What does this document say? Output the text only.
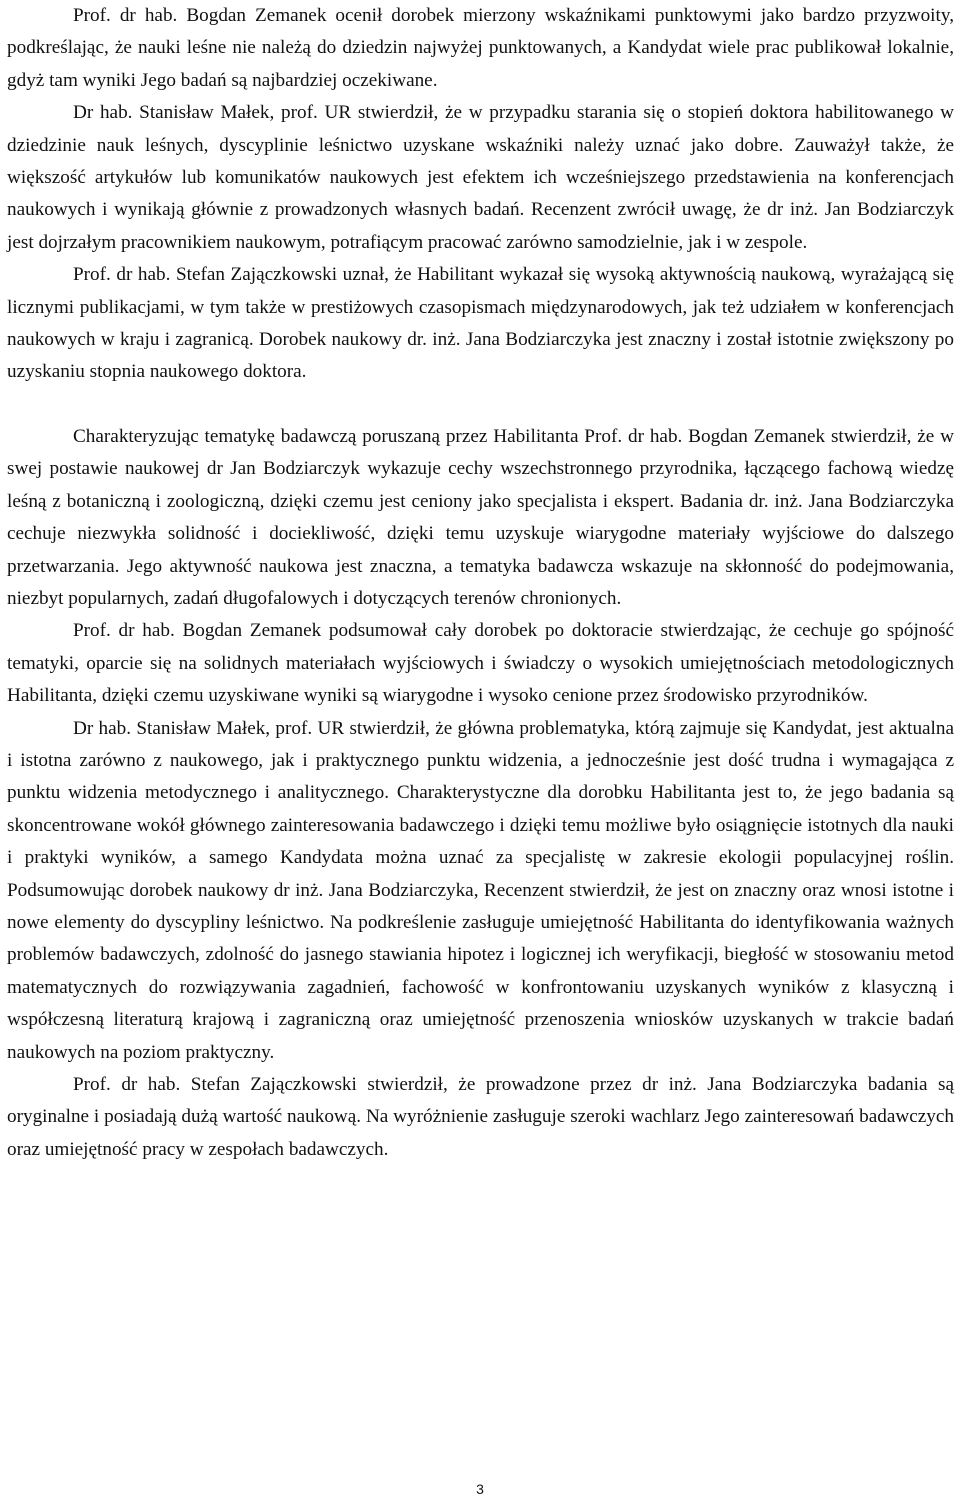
Prof. dr hab. Bogdan Zemanek ocenił dorobek mierzony wskaźnikami punktowymi jako bardzo przyzwoity, podkreślając, że nauki leśne nie należą do dziedzin najwyżej punktowanych, a Kandydat wiele prac publikował lokalnie, gdyż tam wyniki Jego badań są najbardziej oczekiwane.

Dr hab. Stanisław Małek, prof. UR stwierdził, że w przypadku starania się o stopień doktora habilitowanego w dziedzinie nauk leśnych, dyscyplinie leśnictwo uzyskane wskaźniki należy uznać jako dobre. Zauważył także, że większość artykułów lub komunikatów naukowych jest efektem ich wcześniejszego przedstawienia na konferencjach naukowych i wynikają głównie z prowadzonych własnych badań. Recenzent zwrócił uwagę, że dr inż. Jan Bodziarczyk jest dojrzałym pracownikiem naukowym, potrafiącym pracować zarówno samodzielnie, jak i w zespole.

Prof. dr hab. Stefan Zajączkowski uznał, że Habilitant wykazał się wysoką aktywnością naukową, wyrażającą się licznymi publikacjami, w tym także w prestiżowych czasopismach międzynarodowych, jak też udziałem w konferencjach naukowych w kraju i zagranicą. Dorobek naukowy dr. inż. Jana Bodziarczyka jest znaczny i został istotnie zwiększony po uzyskaniu stopnia naukowego doktora.

Charakteryzując tematykę badawczą poruszaną przez Habilitanta Prof. dr hab. Bogdan Zemanek stwierdził, że w swej postawie naukowej dr Jan Bodziarczyk wykazuje cechy wszechstronnego przyrodnika, łączącego fachową wiedzę leśną z botaniczną i zoologiczną, dzięki czemu jest ceniony jako specjalista i ekspert. Badania dr. inż. Jana Bodziarczyka cechuje niezwykła solidność i dociekliwość, dzięki temu uzyskuje wiarygodne materiały wyjściowe do dalszego przetwarzania. Jego aktywność naukowa jest znaczna, a tematyka badawcza wskazuje na skłonność do podejmowania, niezbyt popularnych, zadań długofalowych i dotyczących terenów chronionych.

Prof. dr hab. Bogdan Zemanek podsumował cały dorobek po doktoracie stwierdzając, że cechuje go spójność tematyki, oparcie się na solidnych materiałach wyjściowych i świadczy o wysokich umiejętnościach metodologicznych Habilitanta, dzięki czemu uzyskiwane wyniki są wiarygodne i wysoko cenione przez środowisko przyrodników.

Dr hab. Stanisław Małek, prof. UR stwierdził, że główna problematyka, którą zajmuje się Kandydat, jest aktualna i istotna zarówno z naukowego, jak i praktycznego punktu widzenia, a jednocześnie jest dość trudna i wymagająca z punktu widzenia metodycznego i analitycznego. Charakterystyczne dla dorobku Habilitanta jest to, że jego badania są skoncentrowane wokół głównego zainteresowania badawczego i dzięki temu możliwe było osiągnięcie istotnych dla nauki i praktyki wyników, a samego Kandydata można uznać za specjalistę w zakresie ekologii populacyjnej roślin. Podsumowując dorobek naukowy dr inż. Jana Bodziarczyka, Recenzent stwierdził, że jest on znaczny oraz wnosi istotne i nowe elementy do dyscypliny leśnictwo. Na podkreślenie zasługuje umiejętność Habilitanta do identyfikowania ważnych problemów badawczych, zdolność do jasnego stawiania hipotez i logicznej ich weryfikacji, biegłość w stosowaniu metod matematycznych do rozwiązywania zagadnień, fachowość w konfrontowaniu uzyskanych wyników z klasyczną i współczesną literaturą krajową i zagraniczną oraz umiejętność przenoszenia wniosków uzyskanych w trakcie badań naukowych na poziom praktyczny.

Prof. dr hab. Stefan Zajączkowski stwierdził, że prowadzone przez dr inż. Jana Bodziarczyka badania są oryginalne i posiadają dużą wartość naukową. Na wyróżnienie zasługuje szeroki wachlarz Jego zainteresowań badawczych oraz umiejętność pracy w zespołach badawczych.

3
